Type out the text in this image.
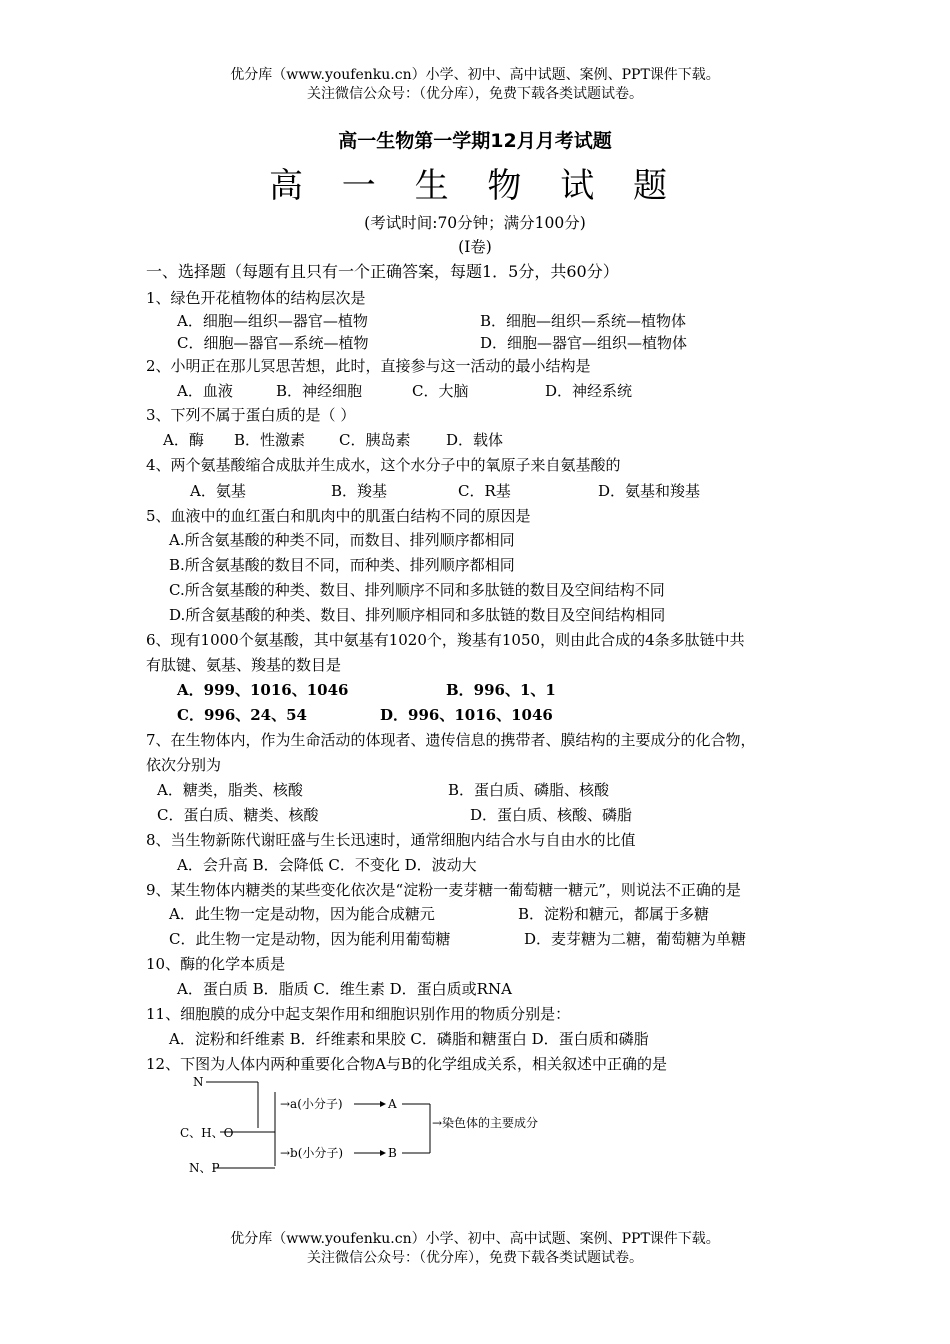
优分库（www.youfenku.cn）小学、初中、高中试题、案例、PPT课件下载。
关注微信公众号：（优分库），免费下载各类试题试卷。
高一生物第一学期12月月考试题
高 一 生 物 试 题
(考试时间:70分钟；满分100分)
(I卷)
一、选择题（每题有且只有一个正确答案，每题1．5分，共60分）
1、绿色开花植物体的结构层次是
A．细胞—组织—器官—植物	B．细胞—组织—系统—植物体
C．细胞—器官—系统—植物	D．细胞—器官—组织—植物体
2、小明正在那儿冥思苦想，此时，直接参与这一活动的最小结构是
A．血液	B．神经细胞	C．大脑	D．神经系统
3、下列不属于蛋白质的是（ ）
A．酶 B．性激素 C．胰岛素 D．载体
4、两个氨基酸缩合成肽并生成水，这个水分子中的氧原子来自氨基酸的
A．氨基	B．羧基	C．R基	D．氨基和羧基
5、血液中的血红蛋白和肌肉中的肌蛋白结构不同的原因是
A.所含氨基酸的种类不同，而数目、排列顺序都相同
B.所含氨基酸的数目不同，而种类、排列顺序都相同
C.所含氨基酸的种类、数目、排列顺序不同和多肽链的数目及空间结构不同
D.所含氨基酸的种类、数目、排列顺序相同和多肽链的数目及空间结构相同
6、现有1000个氨基酸，其中氨基有1020个，羧基有1050，则由此合成的4条多肽链中共
有肽键、氨基、羧基的数目是
A．999、1016、1046	B．996、1、1
C．996、24、54	D．996、1016、1046
7、在生物体内，作为生命活动的体现者、遗传信息的携带者、膜结构的主要成分的化合物，
依次分别为
A．糖类，脂类、核酸	B．蛋白质、磷脂、核酸
C．蛋白质、糖类、核酸	D．蛋白质、核酸、磷脂
8、当生物新陈代谢旺盛与生长迅速时，通常细胞内结合水与自由水的比值
A．会升高 B．会降低 C．不变化 D．波动大
9、某生物体内糖类的某些变化依次是“淀粉一麦芽糖一葡萄糖一糖元”，则说法不正确的是
A．此生物一定是动物，因为能合成糖元	B．淀粉和糖元，都属于多糖
C．此生物一定是动物，因为能利用葡萄糖	D．麦芽糖为二糖，葡萄糖为单糖
10、酶的化学本质是
A．蛋白质 B．脂质 C．维生素 D．蛋白质或RNA
11、细胞膜的成分中起支架作用和细胞识别作用的物质分别是：
A．淀粉和纤维素 B．纤维素和果胶 C．磷脂和糖蛋白 D．蛋白质和磷脂
12、下图为人体内两种重要化合物A与B的化学组成关系，相关叙述中正确的是
N
C、H、O
N、P
→a(小分子)
→b(小分子)
A
B
→染色体的主要成分
优分库（www.youfenku.cn）小学、初中、高中试题、案例、PPT课件下载。
关注微信公众号：（优分库），免费下载各类试题试卷。
